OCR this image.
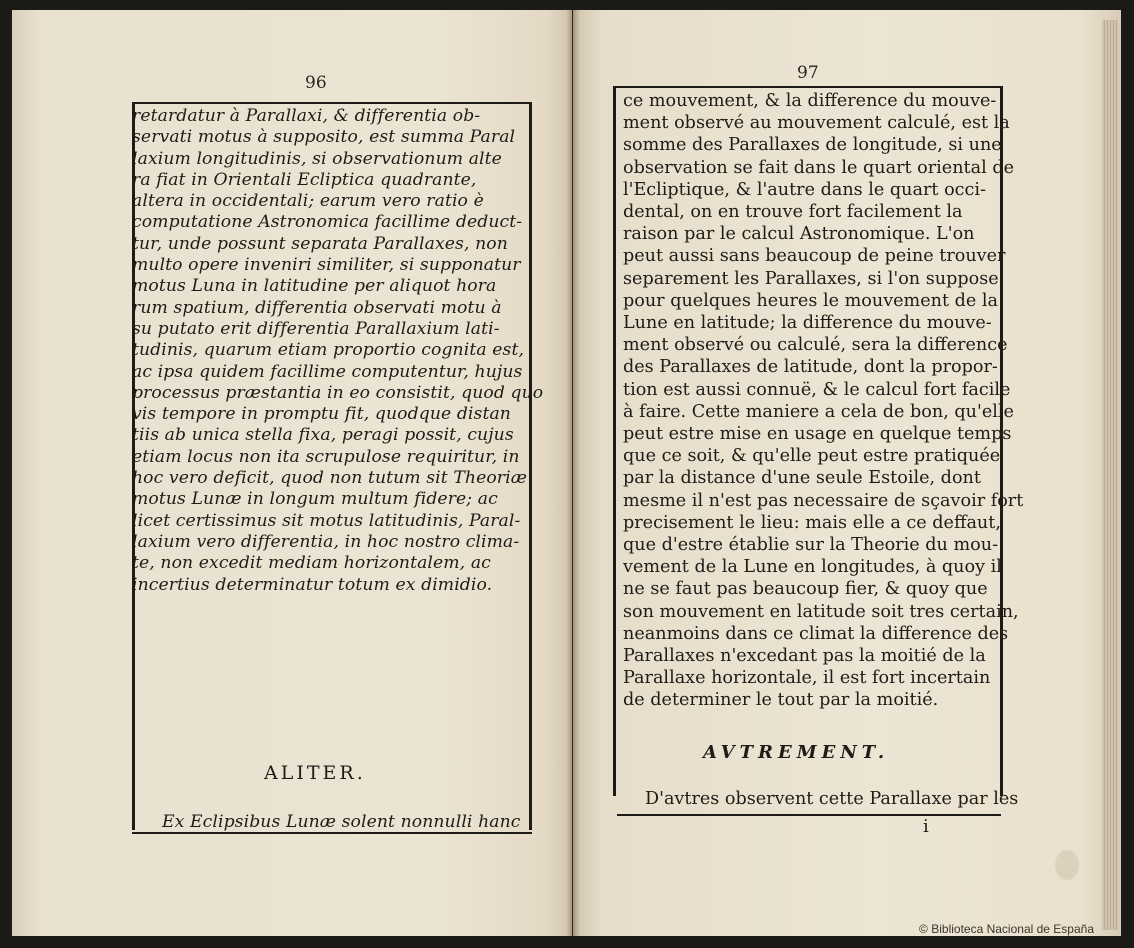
96

retardatur à Parallaxi, & differentia ob-

servati motus à supposito, est summa Paral

laxium longitudinis, si observationum alte

ra fiat in Orientali Ecliptica quadrante,

altera in occidentali; earum vero ratio è

computatione Astronomica facillime deduct-

tur, unde possunt separata Parallaxes, non

multo opere inveniri similiter, si supponatur

motus Luna in latitudine per aliquot hora

rum spatium, differentia observati motu à

su putato erit differentia Parallaxium lati-

tudinis, quarum etiam proportio cognita est,

ac ipsa quidem facillime computentur, hujus

processus præstantia in eo consistit, quod quo

vis tempore in promptu fit, quodque distan

tiis ab unica stella fixa, peragi possit, cujus

etiam locus non ita scrupulose requiritur, in

hoc vero deficit, quod non tutum sit Theoriæ

motus Lunæ in longum multum fidere; ac

licet certissimus sit motus latitudinis, Paral-

laxium vero differentia, in hoc nostro clima-

te, non excedit mediam horizontalem, ac

incertius determinatur totum ex dimidio.

ALITER.

Ex Eclipsibus Lunæ solent nonnulli hanc

97

ce mouvement, & la difference du mouve-

ment observé au mouvement calculé, est la

somme des Parallaxes de longitude, si une

observation se fait dans le quart oriental de

l'Ecliptique, & l'autre dans le quart occi-

dental, on en trouve fort facilement la

raison par le calcul Astronomique. L'on

peut aussi sans beaucoup de peine trouver

separement les Parallaxes, si l'on suppose

pour quelques heures le mouvement de la

Lune en latitude; la difference du mouve-

ment observé ou calculé, sera la difference

des Parallaxes de latitude, dont la propor-

tion est aussi connuë, & le calcul fort facile

à faire. Cette maniere a cela de bon, qu'elle

peut estre mise en usage en quelque temps

que ce soit, & qu'elle peut estre pratiquée

par la distance d'une seule Estoile, dont

mesme il n'est pas necessaire de sçavoir fort

precisement le lieu: mais elle a ce deffaut,

que d'estre établie sur la Theorie du mou-

vement de la Lune en longitudes, à quoy il

ne se faut pas beaucoup fier, & quoy que

son mouvement en latitude soit tres certain,

neanmoins dans ce climat la difference des

Parallaxes n'excedant pas la moitié de la

Parallaxe horizontale, il est fort incertain

de determiner le tout par la moitié.

AVTREMENT.

D'avtres observent cette Parallaxe par les

i
© Biblioteca Nacional de España
